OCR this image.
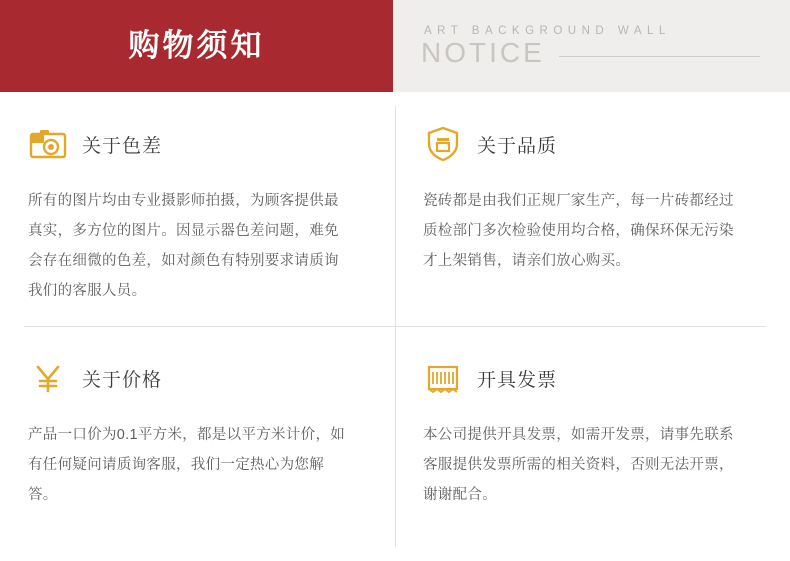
购物须知	ART BACKGROUND WALL
NOTICE
关于色差

所有的图片均由专业摄影师拍摄，为顾客提供最真实，多方位的图片。因显示器色差问题，难免会存在细微的色差，如对颜色有特别要求请质询我们的客服人员。

关于品质

瓷砖都是由我们正规厂家生产，每一片砖都经过质检部门多次检验使用均合格，确保环保无污染才上架销售，请亲们放心购买。

关于价格

产品一口价为0.1平方米，都是以平方米计价，如有任何疑问请质询客服，我们一定热心为您解答。

开具发票

本公司提供开具发票，如需开发票，请事先联系客服提供发票所需的相关资料，否则无法开票，谢谢配合。
